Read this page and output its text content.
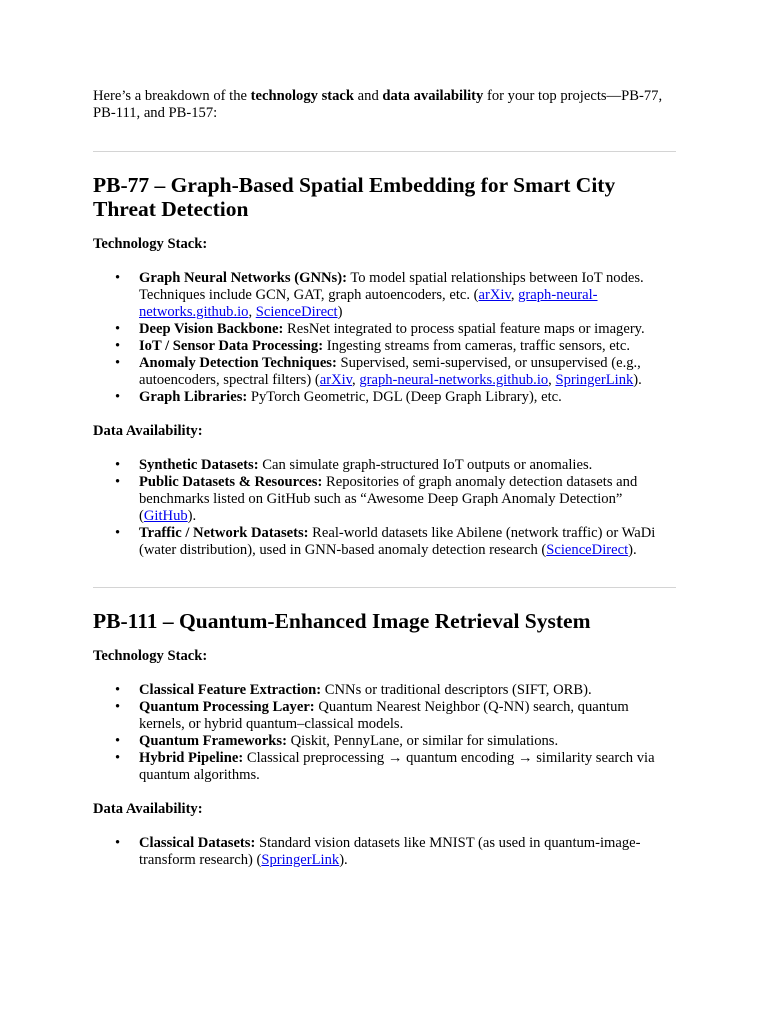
Here’s a breakdown of the technology stack and data availability for your top projects—PB-77, PB-111, and PB-157:

PB-77 – Graph-Based Spatial Embedding for Smart City Threat Detection

Technology Stack:

• Graph Neural Networks (GNNs): To model spatial relationships between IoT nodes. Techniques include GCN, GAT, graph autoencoders, etc. (arXiv, graph-neural-networks.github.io, ScienceDirect)
• Deep Vision Backbone: ResNet integrated to process spatial feature maps or imagery.
• IoT / Sensor Data Processing: Ingesting streams from cameras, traffic sensors, etc.
• Anomaly Detection Techniques: Supervised, semi-supervised, or unsupervised (e.g., autoencoders, spectral filters) (arXiv, graph-neural-networks.github.io, SpringerLink).
• Graph Libraries: PyTorch Geometric, DGL (Deep Graph Library), etc.

Data Availability:

• Synthetic Datasets: Can simulate graph-structured IoT outputs or anomalies.
• Public Datasets & Resources: Repositories of graph anomaly detection datasets and benchmarks listed on GitHub such as “Awesome Deep Graph Anomaly Detection” (GitHub).
• Traffic / Network Datasets: Real-world datasets like Abilene (network traffic) or WaDi (water distribution), used in GNN-based anomaly detection research (ScienceDirect).
PB-111 – Quantum-Enhanced Image Retrieval System

Technology Stack:

• Classical Feature Extraction: CNNs or traditional descriptors (SIFT, ORB).
• Quantum Processing Layer: Quantum Nearest Neighbor (Q-NN) search, quantum kernels, or hybrid quantum–classical models.
• Quantum Frameworks: Qiskit, PennyLane, or similar for simulations.
• Hybrid Pipeline: Classical preprocessing → quantum encoding → similarity search via quantum algorithms.

Data Availability:

• Classical Datasets: Standard vision datasets like MNIST (as used in quantum-image-transform research) (SpringerLink).
